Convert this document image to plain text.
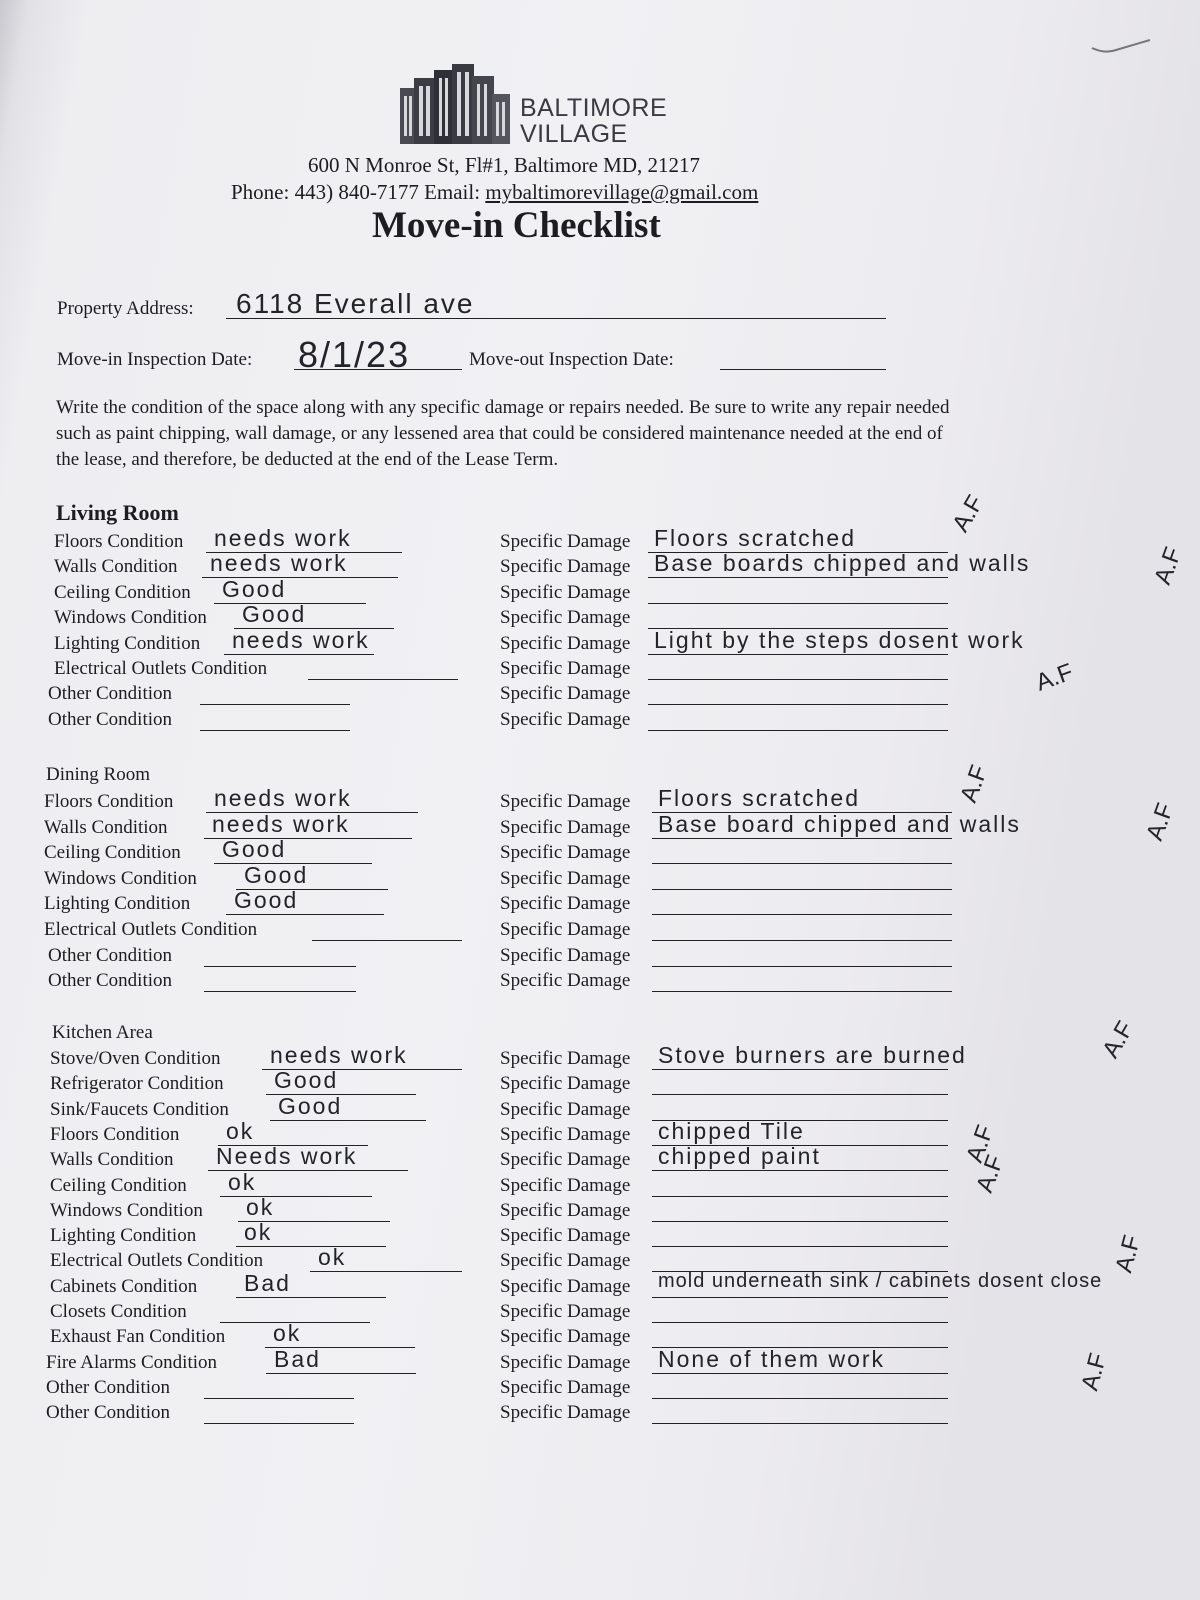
BALTIMORE
VILLAGE
600 N Monroe St, Fl#1, Baltimore MD, 21217
Phone: 443) 840-7177 Email: mybaltimorevillage@gmail.com
Move-in Checklist
Property Address: 6118 Everall ave
Move-in Inspection Date: 8/1/23	Move-out Inspection Date:

Write the condition of the space along with any specific damage or repairs needed. Be sure to write any repair needed such as paint chipping, wall damage, or any lessened area that could be considered maintenance needed at the end of the lease, and therefore, be deducted at the end of the Lease Term.

Living Room
Floors Condition needs work	Specific Damage Floors scratched
Walls Condition needs work	Specific Damage Base boards chipped and walls
Ceiling Condition Good	Specific Damage
Windows Condition Good	Specific Damage
Lighting Condition needs work	Specific Damage Light by the steps dosent work
Electrical Outlets Condition	Specific Damage
Other Condition	Specific Damage
Other Condition	Specific Damage
Dining Room
Floors Condition needs work	Specific Damage Floors scratched
Walls Condition needs work	Specific Damage Base board chipped and walls
Ceiling Condition Good	Specific Damage
Windows Condition Good	Specific Damage
Lighting Condition Good	Specific Damage
Electrical Outlets Condition	Specific Damage
Other Condition	Specific Damage
Other Condition	Specific Damage
Kitchen Area
Stove/Oven Condition needs work	Specific Damage Stove burners are burned
Refrigerator Condition Good	Specific Damage
Sink/Faucets Condition Good	Specific Damage
Floors Condition ok	Specific Damage chipped Tile
Walls Condition Needs work	Specific Damage chipped paint
Ceiling Condition ok	Specific Damage
Windows Condition ok	Specific Damage
Lighting Condition ok	Specific Damage
Electrical Outlets Condition ok	Specific Damage
Cabinets Condition Bad	Specific Damage mold underneath sink / cabinets dosent close
Closets Condition	Specific Damage
Exhaust Fan Condition ok	Specific Damage
Fire Alarms Condition Bad	Specific Damage None of them work
Other Condition	Specific Damage
Other Condition	Specific Damage
A.F
A.F
A.F
A.F
A.F
A.F
A.F
A.F
A.F
A.F
